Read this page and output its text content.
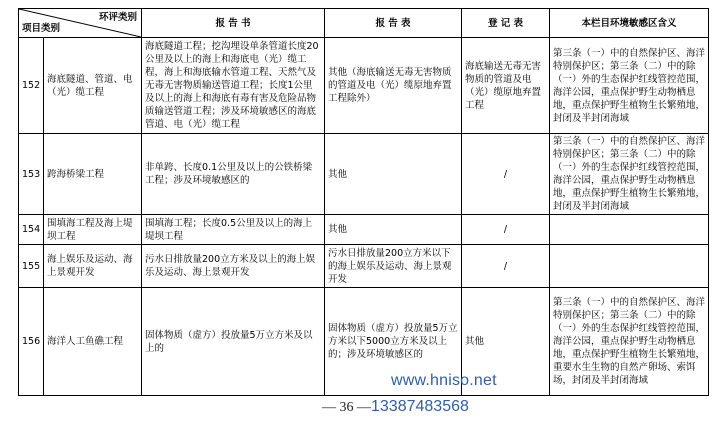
环评类别
项目类别		报 告 书	报 告 表	登 记 表	本栏目环境敏感区含义
152	海底隧道、管道、电（光）缆工程	海底隧道工程；挖沟埋设单条管道长度20公里及以上的海上和海底电（光）缆工程，海上和海底输水管道工程、天然气及无毒无害物质输送管道工程；长度1公里及以上的海上和海底有毒有害及危险品物质输送管道工程；涉及环境敏感区的海底管道、电（光）缆工程	其他（海底输送无毒无害物质的管道及电（光）缆原地弃置工程除外）	海底输送无毒无害物质的管道及电（光）缆原地弃置工程	第三条（一）中的自然保护区、海洋特别保护区；第三条（二）中的除（一）外的生态保护红线管控范围，海洋公园，重点保护野生动物栖息地，重点保护野生植物生长繁殖地，封闭及半封闭海域
153	跨海桥梁工程	非单跨、长度0.1公里及以上的公铁桥梁工程；涉及环境敏感区的	其他	/	第三条（一）中的自然保护区、海洋特别保护区；第三条（二）中的除（一）外的生态保护红线管控范围，海洋公园，重点保护野生动物栖息地，重点保护野生植物生长繁殖地，封闭及半封闭海域
154	围填海工程及海上堤坝工程	围填海工程；长度0.5公里及以上的海上堤坝工程	其他	/	
155	海上娱乐及运动、海上景观开发	污水日排放量200立方米及以上的海上娱乐及运动、海上景观开发	污水日排放量200立方米以下的海上娱乐及运动、海上景观开发	/	
156	海洋人工鱼礁工程	固体物质（虚方）投放量5万立方米及以上的	固体物质（虚方）投放量5万立方米以下5000立方米及以上的；涉及环境敏感区的	其他	第三条（一）中的自然保护区、海洋特别保护区；第三条（二）中的除（一）外的生态保护红线管控范围，海洋公园，重点保护野生动物栖息地，重点保护野生植物生长繁殖地，重要水生生物的自然产卵场、索饵场，封闭及半封闭海域
www.hniso.net
— 36 —13387483568
